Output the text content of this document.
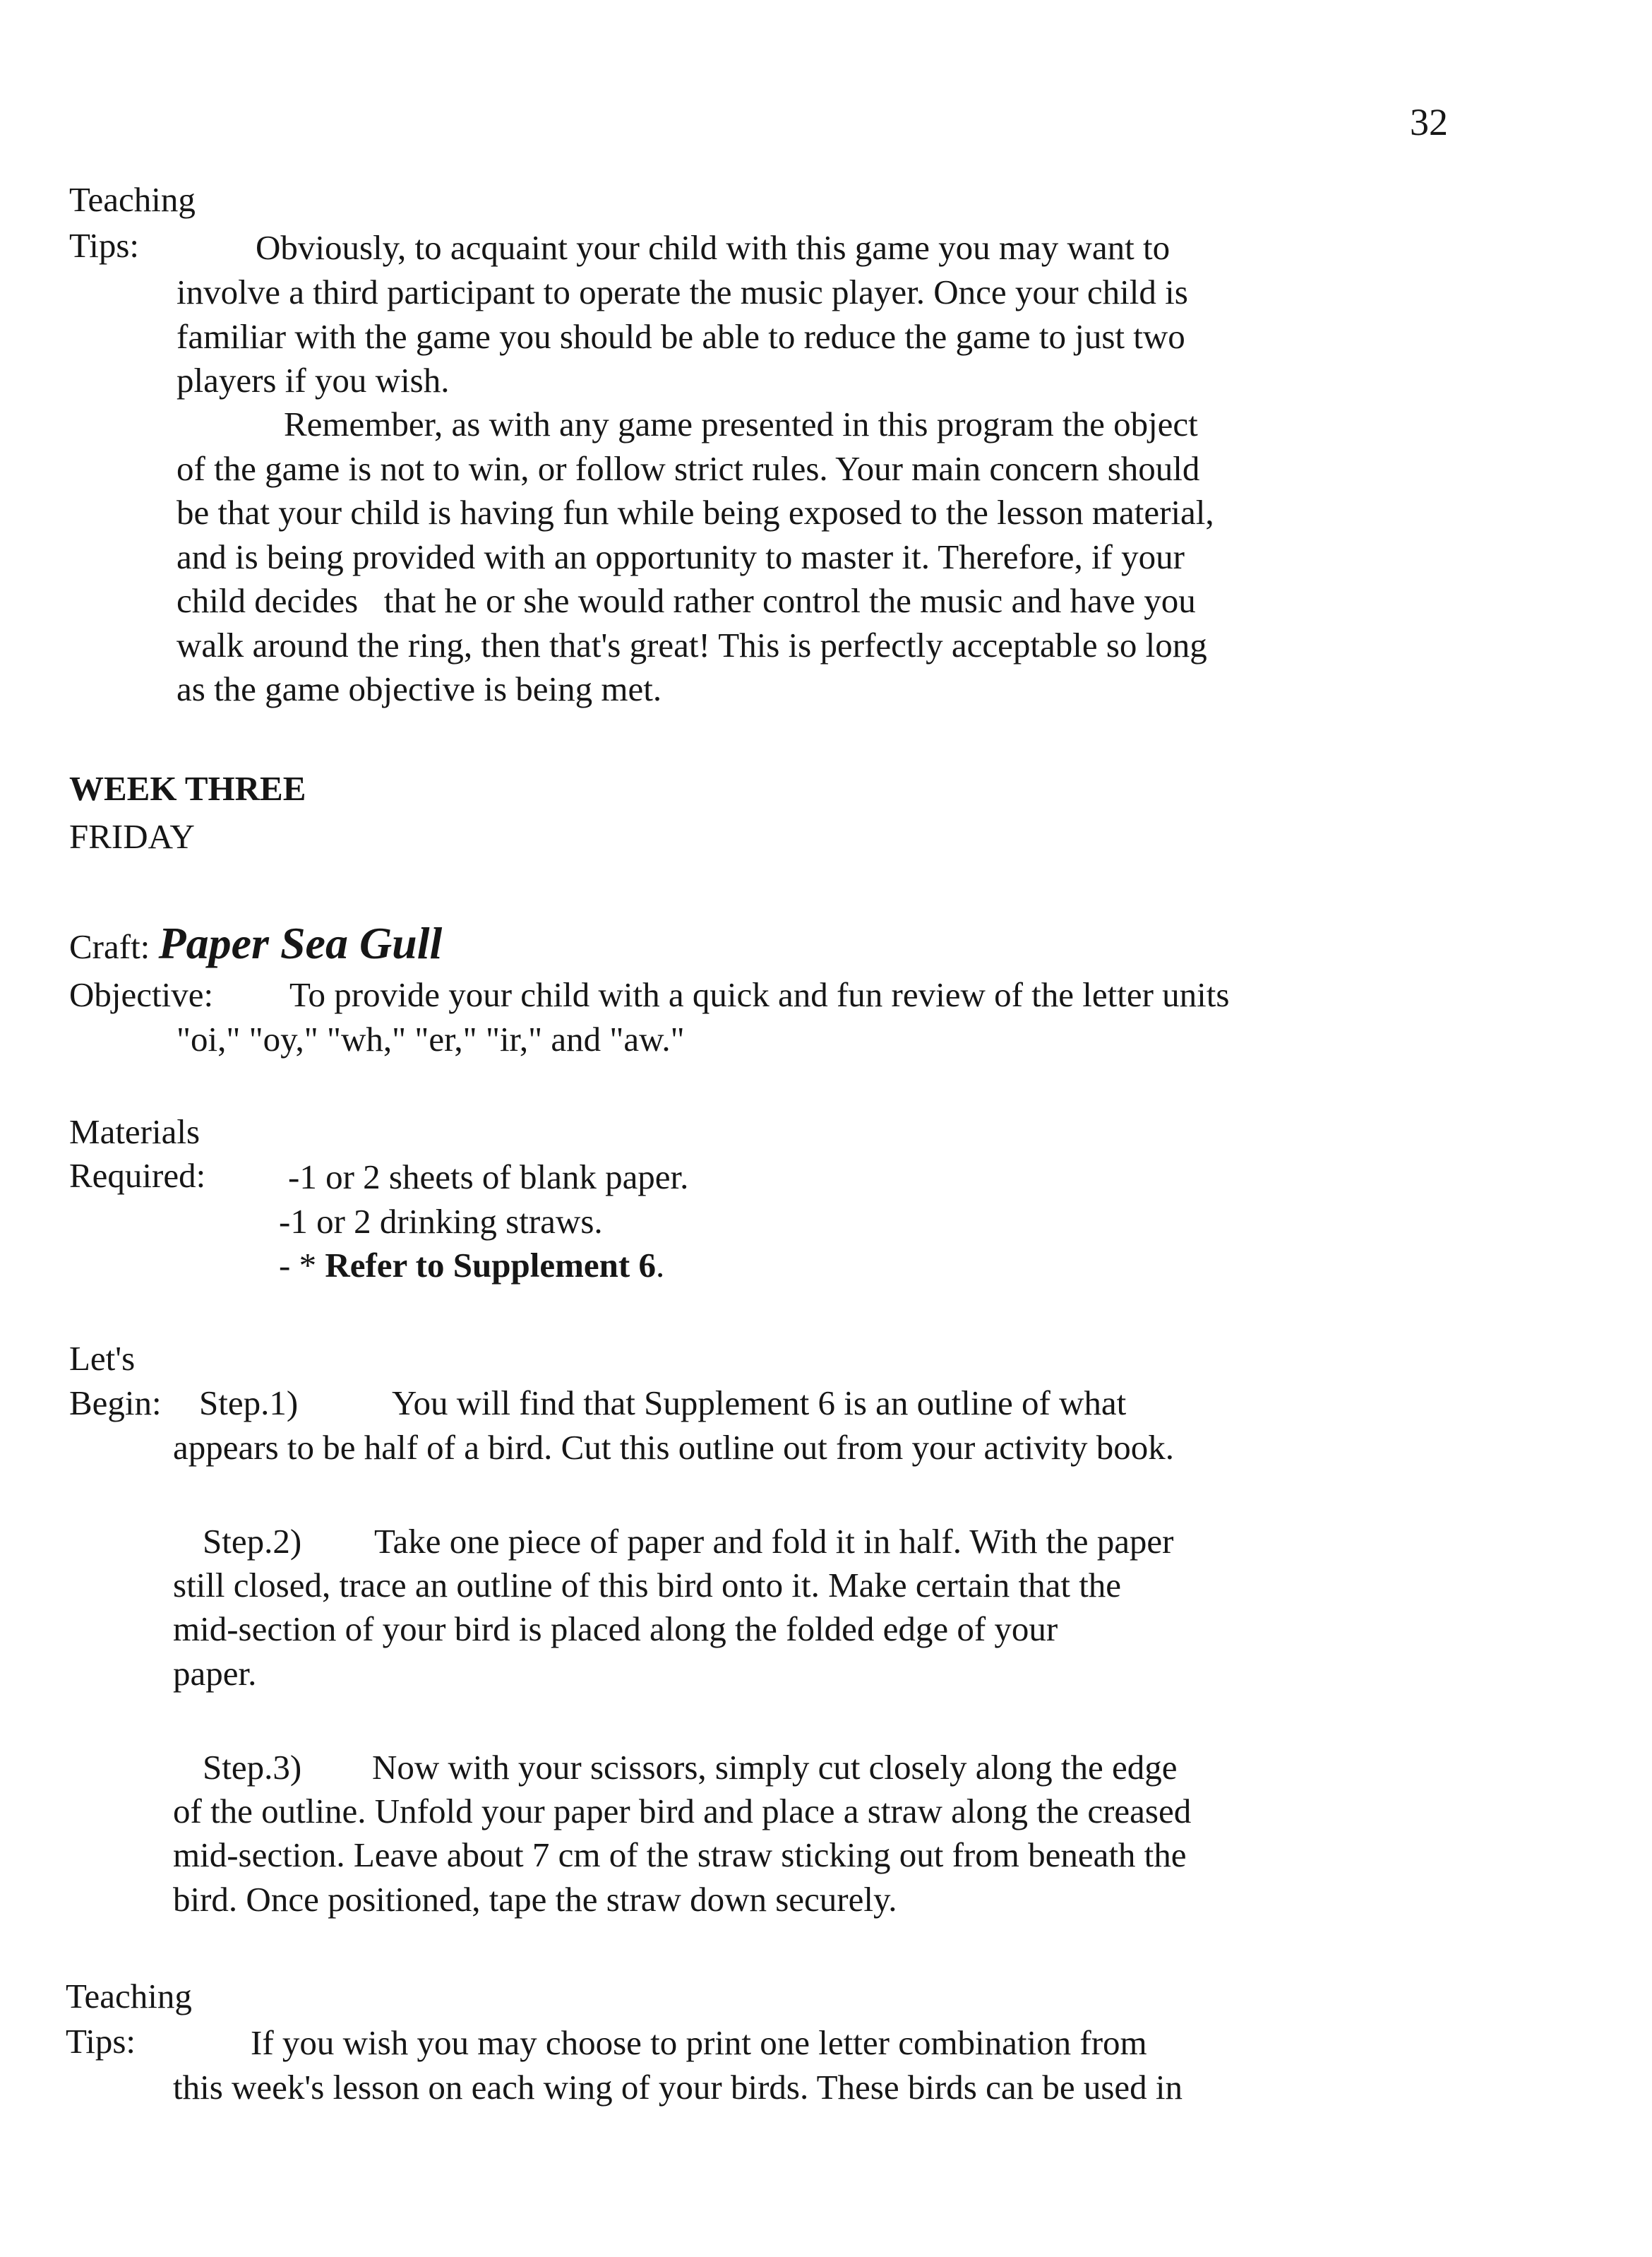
32
Teaching
Tips:	Obviously, to acquaint your child with this game you may want to
involve a third participant to operate the music player. Once your child is
familiar with the game you should be able to reduce the game to just two
players if you wish.
Remember, as with any game presented in this program the object
of the game is not to win, or follow strict rules. Your main concern should
be that your child is having fun while being exposed to the lesson material,
and is being provided with an opportunity to master it. Therefore, if your
child decides   that he or she would rather control the music and have you
walk around the ring, then that's great! This is perfectly acceptable so long
as the game objective is being met.
WEEK THREE
FRIDAY
Craft: Paper Sea Gull
Objective: To provide your child with a quick and fun review of the letter units
"oi," "oy," "wh," "er," "ir," and "aw."
Materials
Required: -1 or 2 sheets of blank paper.
-1 or 2 drinking straws.
- * Refer to Supplement 6.
Let's
Begin: Step.1)	You will find that Supplement 6 is an outline of what
appears to be half of a bird. Cut this outline out from your activity book.
Step.2) Take one piece of paper and fold it in half. With the paper
still closed, trace an outline of this bird onto it. Make certain that the
mid-section of your bird is placed along the folded edge of your
paper.
Step.3) Now with your scissors, simply cut closely along the edge
of the outline. Unfold your paper bird and place a straw along the creased
mid-section. Leave about 7 cm of the straw sticking out from beneath the
bird. Once positioned, tape the straw down securely.
Teaching
Tips:	If you wish you may choose to print one letter combination from
this week's lesson on each wing of your birds. These birds can be used in
